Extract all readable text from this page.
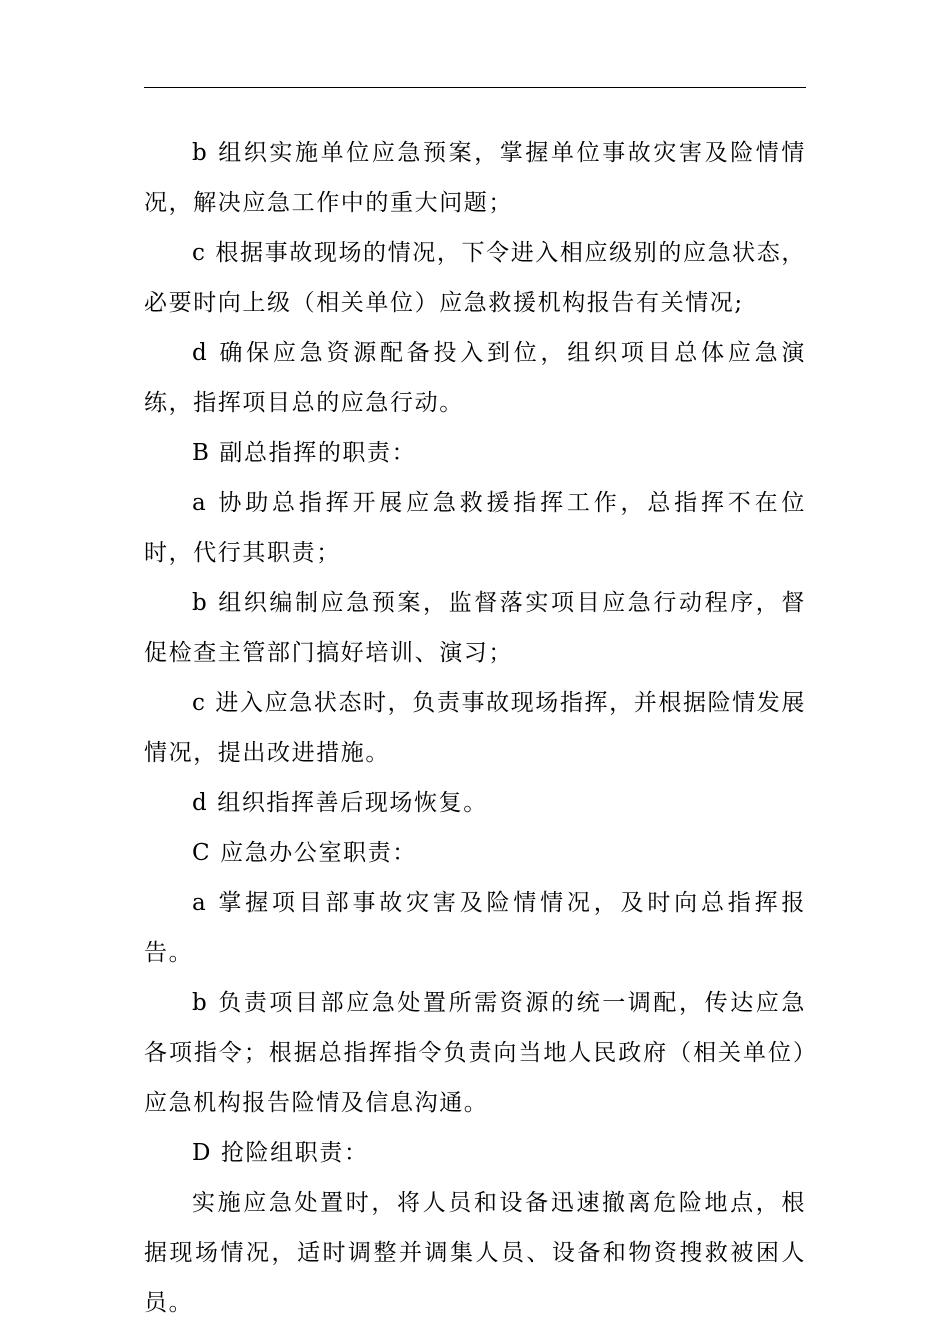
b 组织实施单位应急预案，掌握单位事故灾害及险情情况，解决应急工作中的重大问题；

c 根据事故现场的情况，下令进入相应级别的应急状态，必要时向上级（相关单位）应急救援机构报告有关情况;

d 确保应急资源配备投入到位，组织项目总体应急演练，指挥项目总的应急行动。

B 副总指挥的职责：

a 协助总指挥开展应急救援指挥工作，总指挥不在位时，代行其职责；

b 组织编制应急预案，监督落实项目应急行动程序，督促检查主管部门搞好培训、演习；

c 进入应急状态时，负责事故现场指挥，并根据险情发展情况，提出改进措施。

d 组织指挥善后现场恢复。

C 应急办公室职责：

a 掌握项目部事故灾害及险情情况，及时向总指挥报告。

b 负责项目部应急处置所需资源的统一调配，传达应急各项指令；根据总指挥指令负责向当地人民政府（相关单位）应急机构报告险情及信息沟通。

D 抢险组职责：

实施应急处置时，将人员和设备迅速撤离危险地点，根据现场情况，适时调整并调集人员、设备和物资搜救被困人员。
